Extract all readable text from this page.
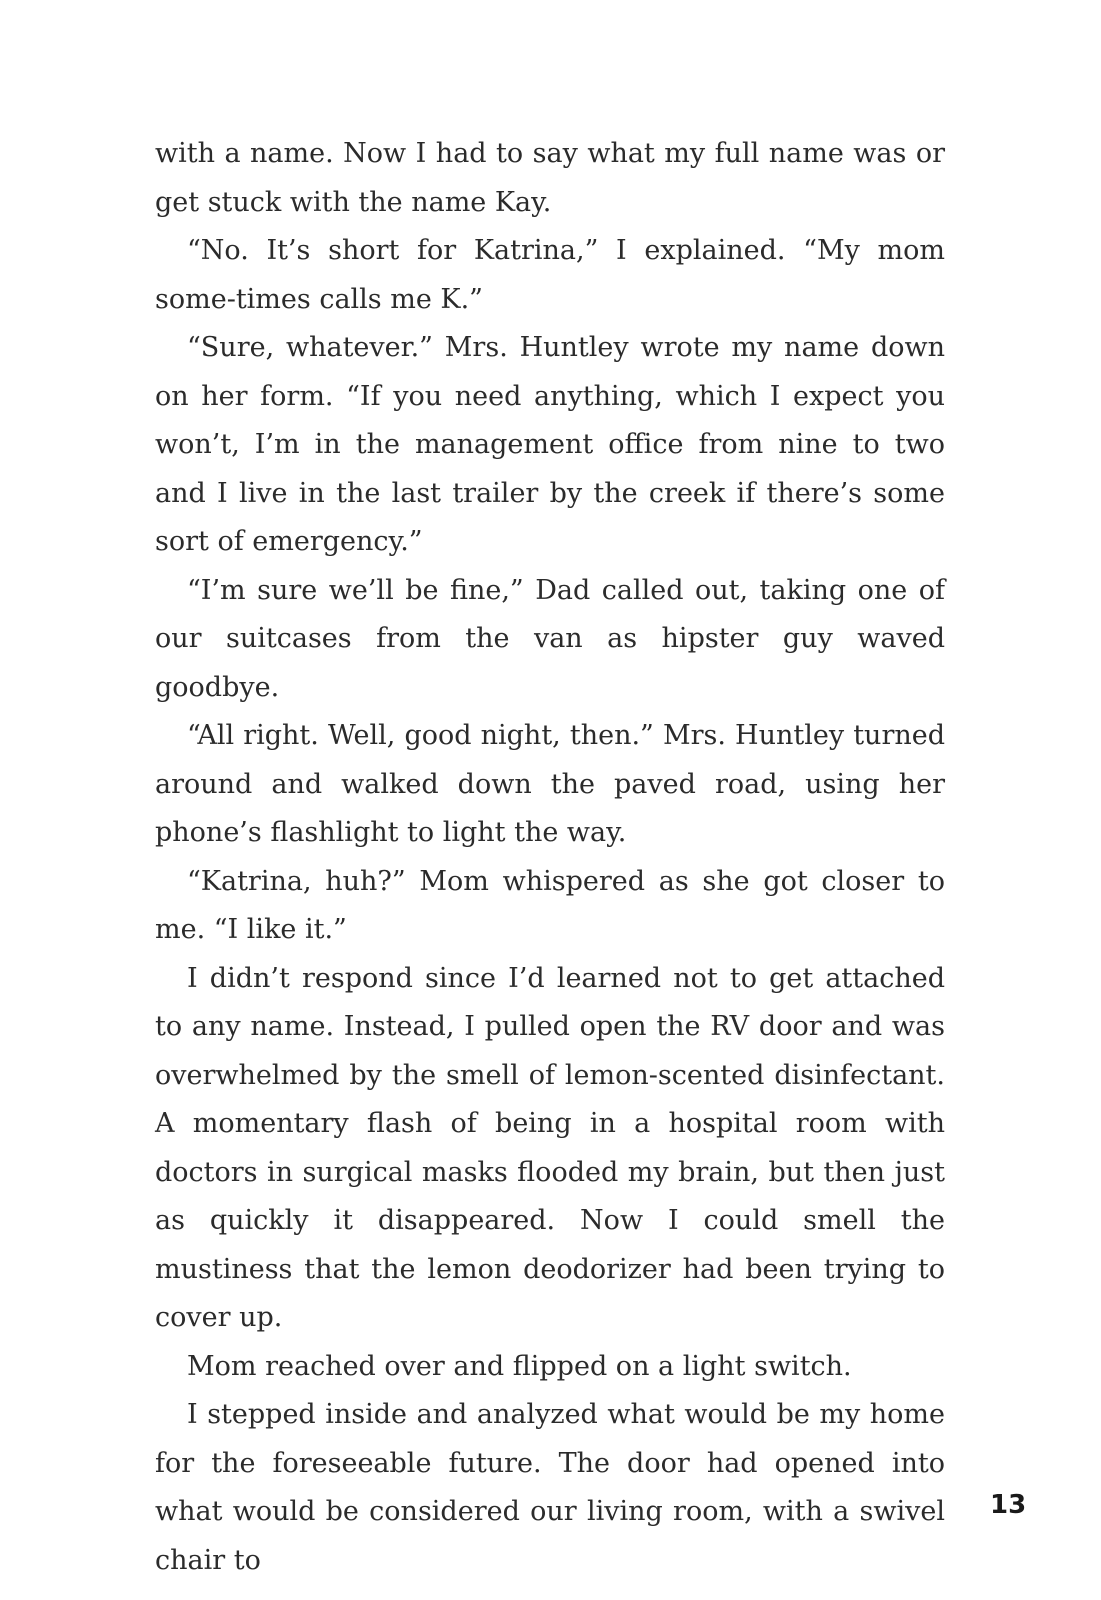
with a name. Now I had to say what my full name was or get stuck with the name Kay.

“No. It’s short for Katrina,” I explained. “My mom some-times calls me K.”

“Sure, whatever.” Mrs. Huntley wrote my name down on her form. “If you need anything, which I expect you won’t, I’m in the management office from nine to two and I live in the last trailer by the creek if there’s some sort of emergency.”

“I’m sure we’ll be fine,” Dad called out, taking one of our suitcases from the van as hipster guy waved goodbye.

“All right. Well, good night, then.” Mrs. Huntley turned around and walked down the paved road, using her phone’s flashlight to light the way.

“Katrina, huh?” Mom whispered as she got closer to me. “I like it.”

I didn’t respond since I’d learned not to get attached to any name. Instead, I pulled open the RV door and was overwhelmed by the smell of lemon-scented disinfectant. A momentary flash of being in a hospital room with doctors in surgical masks flooded my brain, but then just as quickly it disappeared. Now I could smell the mustiness that the lemon deodorizer had been trying to cover up.

Mom reached over and flipped on a light switch.

I stepped inside and analyzed what would be my home for the foreseeable future. The door had opened into what would be considered our living room, with a swivel chair to

13
